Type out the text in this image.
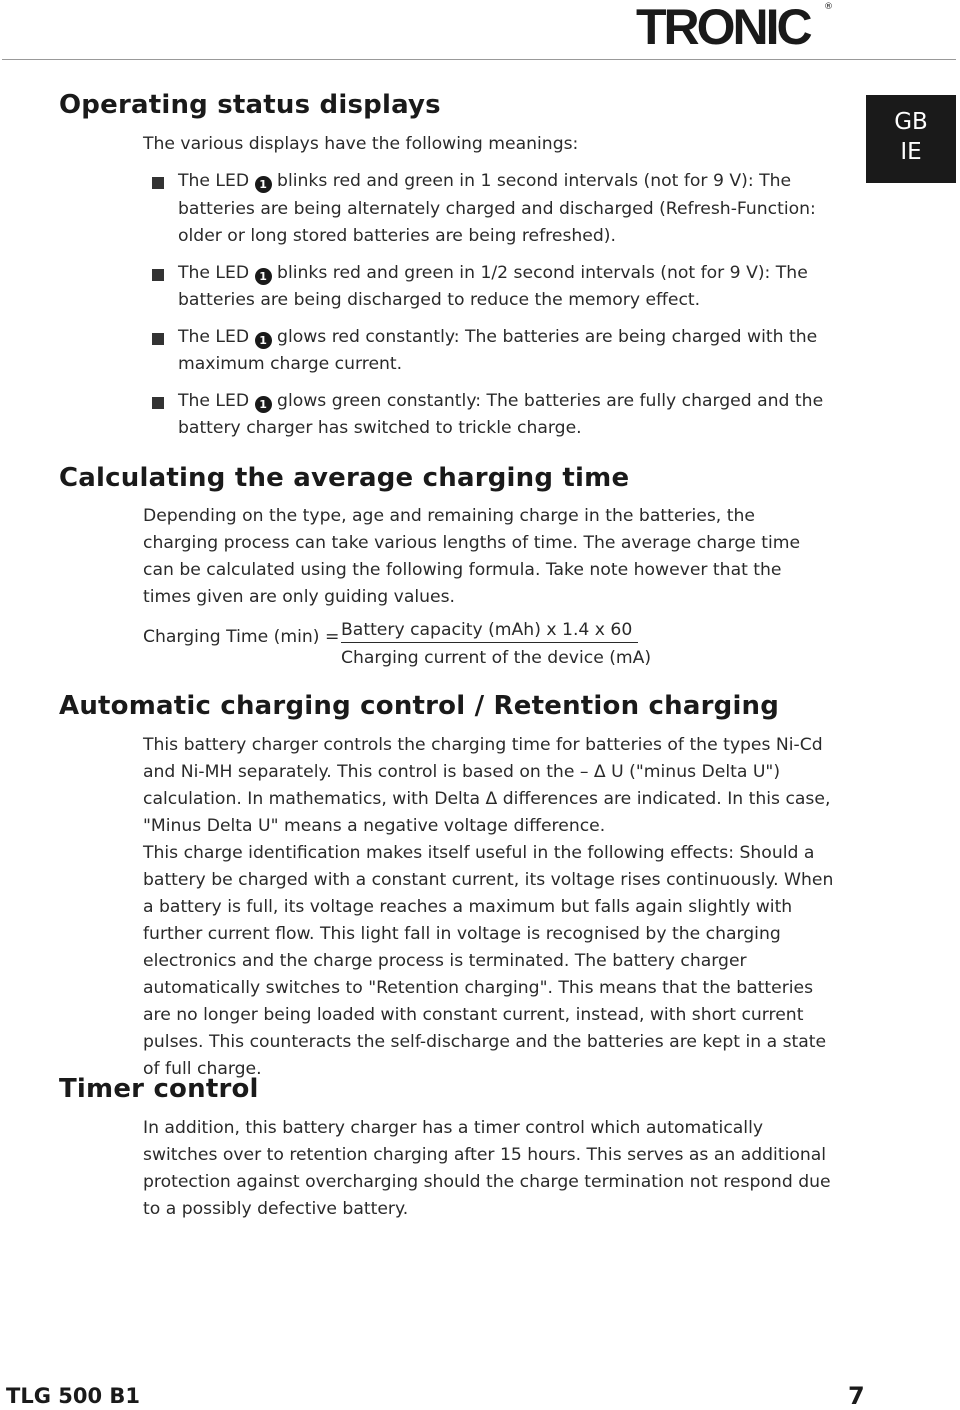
TRONIC ®
GB
IE
Operating status displays

The various displays have the following meanings:

The LED 1 blinks red and green in 1 second intervals (not for 9 V): The batteries are being alternately charged and discharged (Refresh-Function: older or long stored batteries are being refreshed).
The LED 1 blinks red and green in 1/2 second intervals (not for 9 V): The batteries are being discharged to reduce the memory effect.
The LED 1 glows red constantly: The batteries are being charged with the maximum charge current.
The LED 1 glows green constantly: The batteries are fully charged and the battery charger has switched to trickle charge.
Calculating the average charging time

Depending on the type, age and remaining charge in the batteries, the charging process can take various lengths of time. The average charge time can be calculated using the following formula. Take note however that the times given are only guiding values.

Charging Time (min) = Battery capacity (mAh) x 1.4 x 60
Charging current of the device (mA)
Automatic charging control / Retention charging

This battery charger controls the charging time for batteries of the types Ni-Cd and Ni-MH separately. This control is based on the – Δ U ("minus Delta U") calculation. In mathematics, with Delta Δ differences are indicated. In this case, "Minus Delta U" means a negative voltage difference.

This charge identification makes itself useful in the following effects: Should a battery be charged with a constant current, its voltage rises continuously. When a battery is full, its voltage reaches a maximum but falls again slightly with further current flow. This light fall in voltage is recognised by the charging electronics and the charge process is terminated. The battery charger automatically switches to "Retention charging". This means that the batteries are no longer being loaded with constant current, instead, with short current pulses. This counteracts the self-discharge and the batteries are kept in a state of full charge.

Timer control

In addition, this battery charger has a timer control which automatically switches over to retention charging after 15 hours. This serves as an additional protection against overcharging should the charge termination not respond due to a possibly defective battery.

TLG 500 B1	7
